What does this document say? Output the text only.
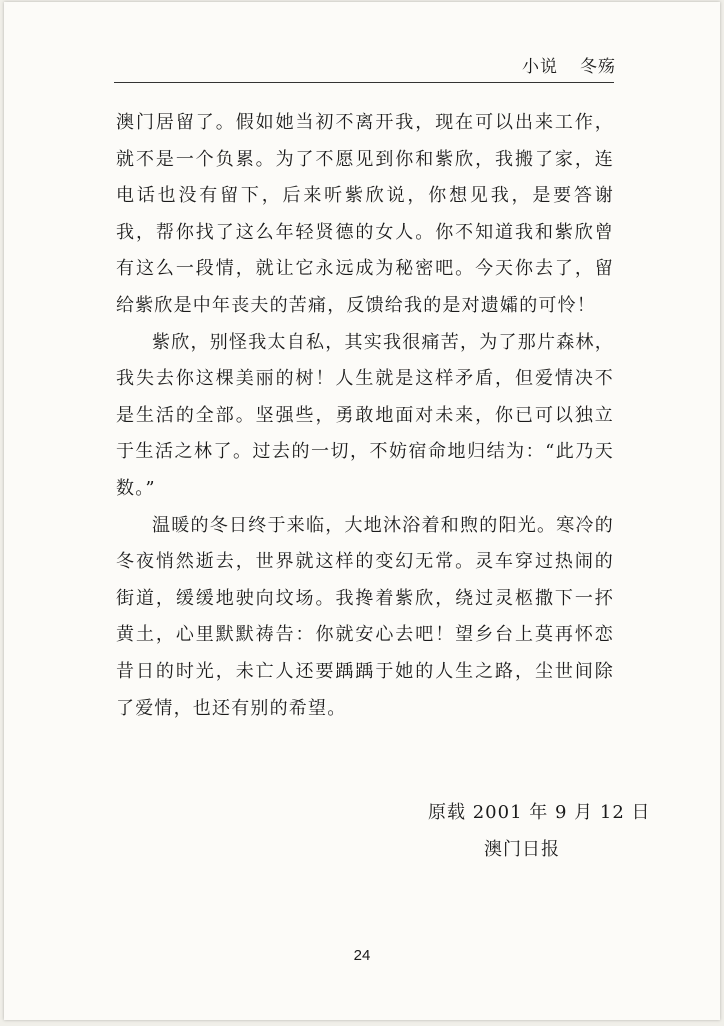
小说 冬殇

澳门居留了。假如她当初不离开我，现在可以出来工作，就不是一个负累。为了不愿见到你和紫欣，我搬了家，连电话也没有留下，后来听紫欣说，你想见我，是要答谢我，帮你找了这么年轻贤德的女人。你不知道我和紫欣曾有这么一段情，就让它永远成为秘密吧。今天你去了，留给紫欣是中年丧夫的苦痛，反馈给我的是对遗孀的可怜！

紫欣，别怪我太自私，其实我很痛苦，为了那片森林，我失去你这棵美丽的树！人生就是这样矛盾，但爱情决不是生活的全部。坚强些，勇敢地面对未来，你已可以独立于生活之林了。过去的一切，不妨宿命地归结为：“此乃天数。”

温暖的冬日终于来临，大地沐浴着和煦的阳光。寒冷的冬夜悄然逝去，世界就这样的变幻无常。灵车穿过热闹的街道，缓缓地驶向坟场。我搀着紫欣，绕过灵柩撒下一抔黄土，心里默默祷告：你就安心去吧！望乡台上莫再怀恋昔日的时光，未亡人还要踽踽于她的人生之路，尘世间除了爱情，也还有别的希望。

原载 2001 年 9 月 12 日
澳门日报
24
